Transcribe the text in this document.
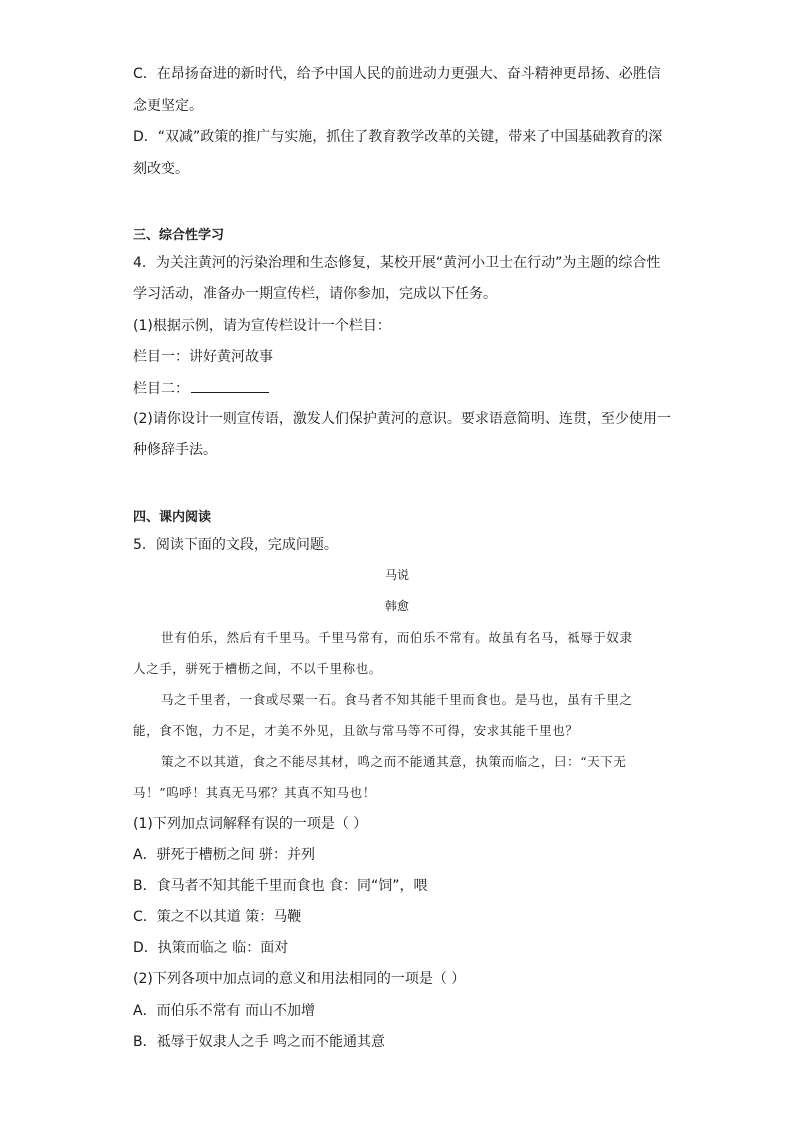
C．在昂扬奋进的新时代，给予中国人民的前进动力更强大、奋斗精神更昂扬、必胜信
念更坚定。
D．“双减”政策的推广与实施，抓住了教育教学改革的关键，带来了中国基础教育的深
刻改变。
三、综合性学习
4．为关注黄河的污染治理和生态修复，某校开展“黄河小卫士在行动”为主题的综合性
学习活动，准备办一期宣传栏，请你参加，完成以下任务。
(1)根据示例，请为宣传栏设计一个栏目：
栏目一：讲好黄河故事
栏目二：
(2)请你设计一则宣传语，激发人们保护黄河的意识。要求语意简明、连贯，至少使用一
种修辞手法。
四、课内阅读
5．阅读下面的文段，完成问题。
马说
韩愈
世有伯乐，然后有千里马。千里马常有，而伯乐不常有。故虽有名马，祗辱于奴隶
人之手，骈死于槽枥之间，不以千里称也。
马之千里者，一食或尽粟一石。食马者不知其能千里而食也。是马也，虽有千里之
能，食不饱，力不足，才美不外见，且欲与常马等不可得，安求其能千里也？
策之不以其道，食之不能尽其材，鸣之而不能通其意，执策而临之，曰：“天下无
马！”呜呼！其真无马邪？其真不知马也！
(1)下列加点词解释有误的一项是（ ）
A．骈死于槽枥之间 骈：并列
B．食马者不知其能千里而食也 食：同“饲”，喂
C．策之不以其道 策：马鞭
D．执策而临之 临：面对
(2)下列各项中加点词的意义和用法相同的一项是（ ）
A．而伯乐不常有 而山不加增
B．祗辱于奴隶人之手 鸣之而不能通其意
